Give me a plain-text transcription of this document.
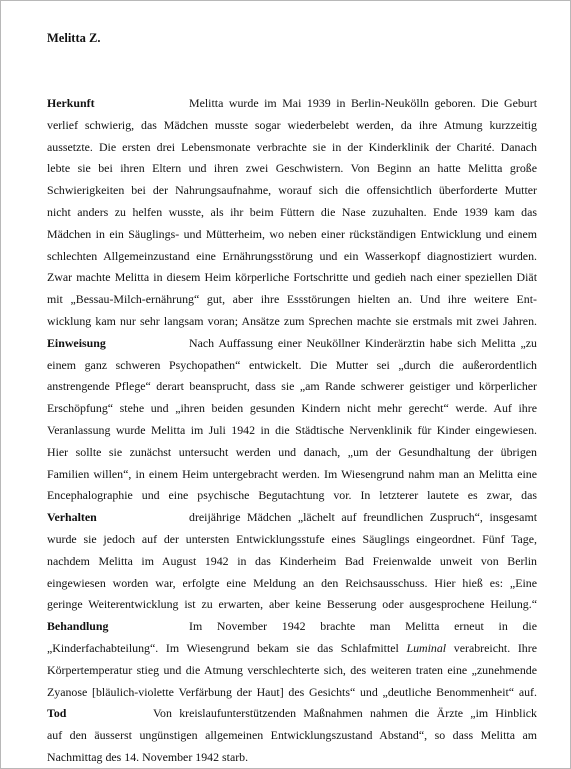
Melitta Z.
Herkunft	Melitta wurde im Mai 1939 in Berlin-Neukölln geboren. Die Geburt
verlief schwierig, das Mädchen musste sogar wiederbelebt werden, da ihre Atmung kurzzeitig
aussetzte. Die ersten drei Lebensmonate verbrachte sie in der Kinderklinik der Charité. Danach
lebte sie bei ihren Eltern und ihren zwei Geschwistern. Von Beginn an hatte Melitta große
Schwierigkeiten bei der Nahrungsaufnahme, worauf sich die offensichtlich überforderte Mutter
nicht anders zu helfen wusste, als ihr beim Füttern die Nase zuzuhalten. Ende 1939 kam das
Mädchen in ein Säuglings- und Mütterheim, wo neben einer rückständigen Entwicklung und einem
schlechten Allgemeinzustand eine Ernährungsstörung und ein Wasserkopf diagnostiziert wurden.
Zwar machte Melitta in diesem Heim körperliche Fortschritte und gedieh nach einer speziellen Diät
mit „Bessau-Milch-ernährung“ gut, aber ihre Essstörungen hielten an. Und ihre weitere Ent-
wicklung kam nur sehr langsam voran; Ansätze zum Sprechen machte sie erstmals mit zwei Jahren.
Einweisung	Nach Auffassung einer Neuköllner Kinderärztin habe sich Melitta „zu
einem ganz schweren Psychopathen“ entwickelt. Die Mutter sei „durch die außerordentlich
anstrengende Pflege“ derart beansprucht, dass sie „am Rande schwerer geistiger und körperlicher
Erschöpfung“ stehe und „ihren beiden gesunden Kindern nicht mehr gerecht“ werde. Auf ihre
Veranlassung wurde Melitta im Juli 1942 in die Städtische Nervenklinik für Kinder eingewiesen.
Hier sollte sie zunächst untersucht werden und danach, „um der Gesundhaltung der übrigen
Familien willen“, in einem Heim untergebracht werden. Im Wiesengrund nahm man an Melitta eine
Encephalographie und eine psychische Begutachtung vor. In letzterer lautete es zwar, das
Verhalten	dreijährige Mädchen „lächelt auf freundlichen Zuspruch“, insgesamt
wurde sie jedoch auf der untersten Entwicklungsstufe eines Säuglings eingeordnet. Fünf Tage,
nachdem Melitta im August 1942 in das Kinderheim Bad Freienwalde unweit von Berlin
eingewiesen worden war, erfolgte eine Meldung an den Reichsausschuss. Hier hieß es: „Eine
geringe Weiterentwicklung ist zu erwarten, aber keine Besserung oder ausgesprochene Heilung.“
Behandlung	Im November 1942 brachte man Melitta erneut in die
„Kinderfachabteilung“. Im Wiesengrund bekam sie das Schlafmittel Luminal verabreicht. Ihre
Körpertemperatur stieg und die Atmung verschlechterte sich, des weiteren traten eine „zunehmende
Zyanose [bläulich-violette Verfärbung der Haut] des Gesichts“ und „deutliche Benommenheit“ auf.
Tod	Von kreislaufunterstützenden Maßnahmen nahmen die Ärzte „im Hinblick
auf den äusserst ungünstigen allgemeinen Entwicklungszustand Abstand“, so dass Melitta am
Nachmittag des 14. November 1942 starb.
